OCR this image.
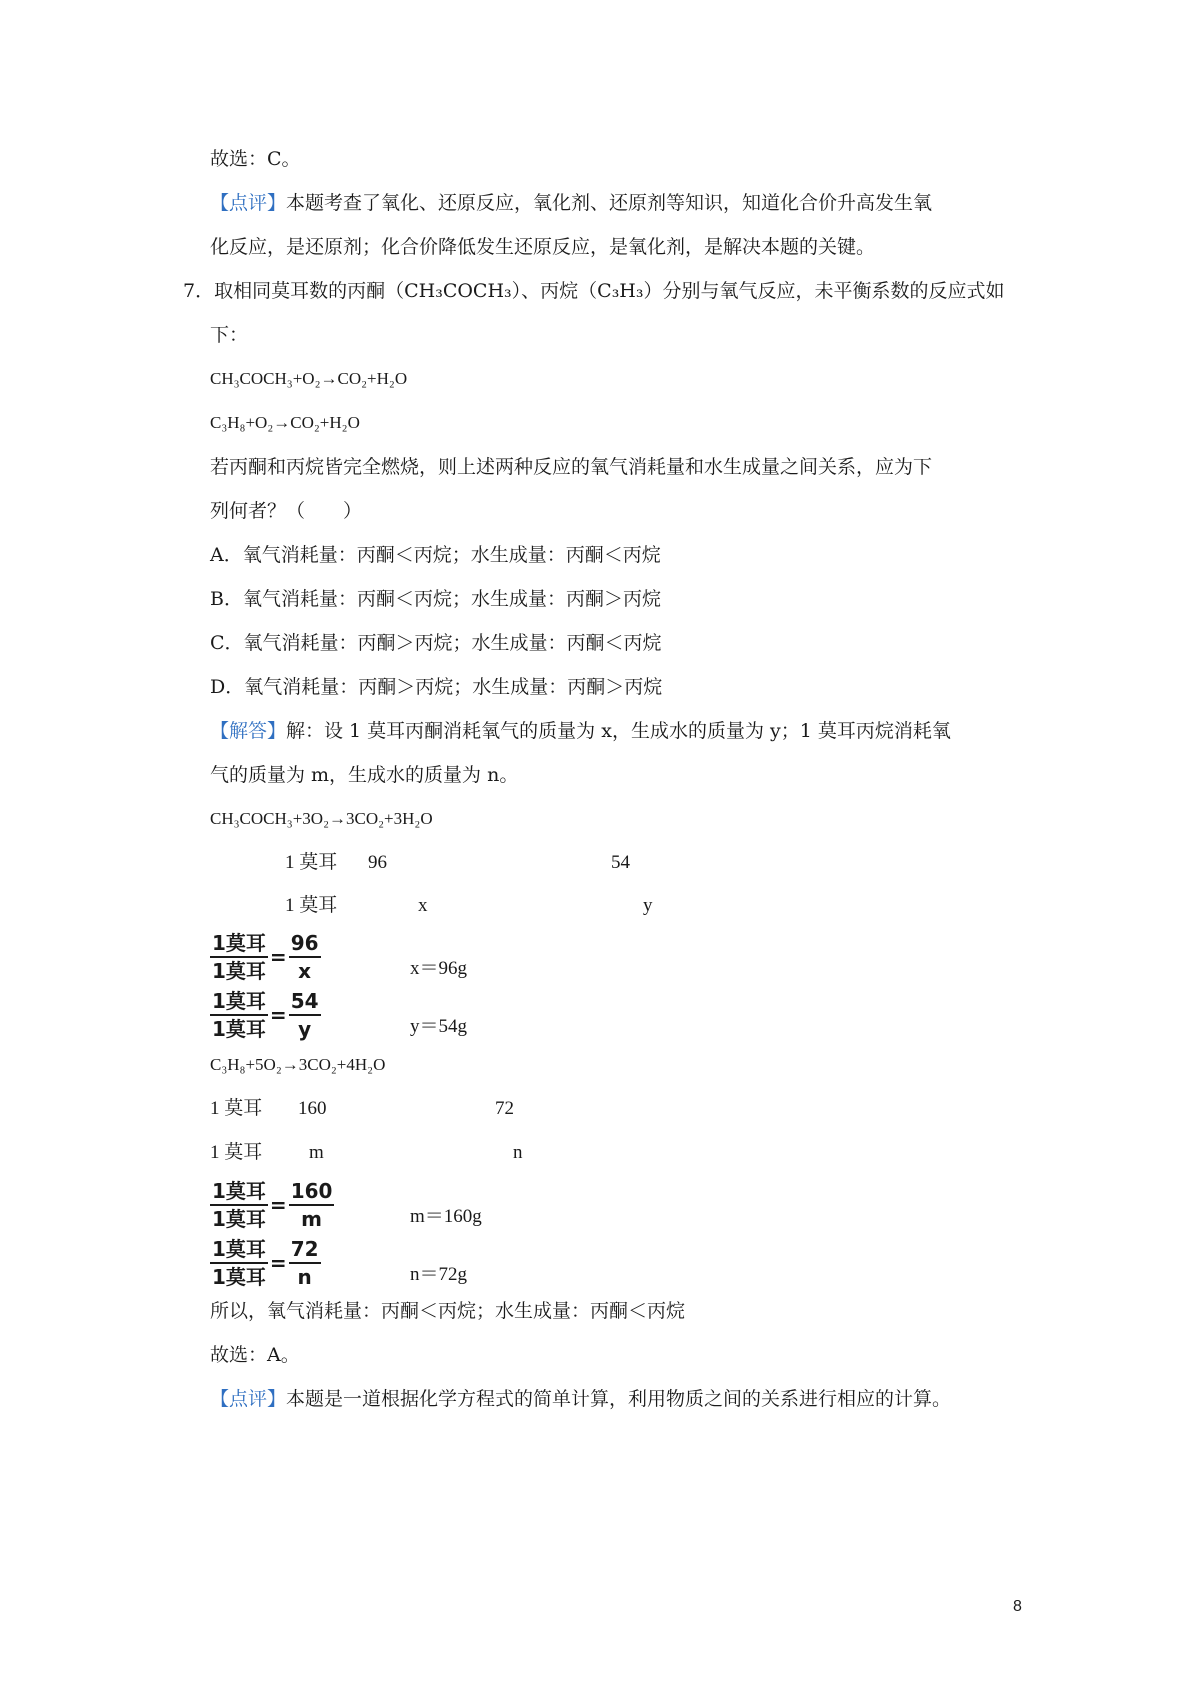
故选：C。
【点评】本题考查了氧化、还原反应，氧化剂、还原剂等知识，知道化合价升高发生氧
化反应，是还原剂；化合价降低发生还原反应，是氧化剂，是解决本题的关键。
7．取相同莫耳数的丙酮（CH₃COCH₃）、丙烷（C₃H₃）分别与氧气反应，未平衡系数的反应式如
下：
CH₃COCH₃+O₂→CO₂+H₂O
C₃H₈+O₂→CO₂+H₂O
若丙酮和丙烷皆完全燃烧，则上述两种反应的氧气消耗量和水生成量之间关系，应为下
列何者？（　　）
A．氧气消耗量：丙酮＜丙烷；水生成量：丙酮＜丙烷
B．氧气消耗量：丙酮＜丙烷；水生成量：丙酮＞丙烷
C．氧气消耗量：丙酮＞丙烷；水生成量：丙酮＜丙烷
D．氧气消耗量：丙酮＞丙烷；水生成量：丙酮＞丙烷
【解答】解：设 1 莫耳丙酮消耗氧气的质量为 x，生成水的质量为 y；1 莫耳丙烷消耗氧
气的质量为 m，生成水的质量为 n。
CH₃COCH₃+3O₂→3CO₂+3H₂O
1 莫耳 96	54
1 莫耳	x	y
1莫耳
1莫耳
= $\frac{96}{x}$	x＝96g
1莫耳
1莫耳
= $\frac{54}{y}$	y＝54g
C₃H₈+5O₂→3CO₂+4H₂O
1 莫耳 160	72
1 莫耳 m	n
1莫耳
1莫耳
= $\frac{160}{m}$	m＝160g
1莫耳
1莫耳
= $\frac{72}{n}$	n＝72g
所以，氧气消耗量：丙酮＜丙烷；水生成量：丙酮＜丙烷
故选：A。
【点评】本题是一道根据化学方程式的简单计算，利用物质之间的关系进行相应的计算。
8
